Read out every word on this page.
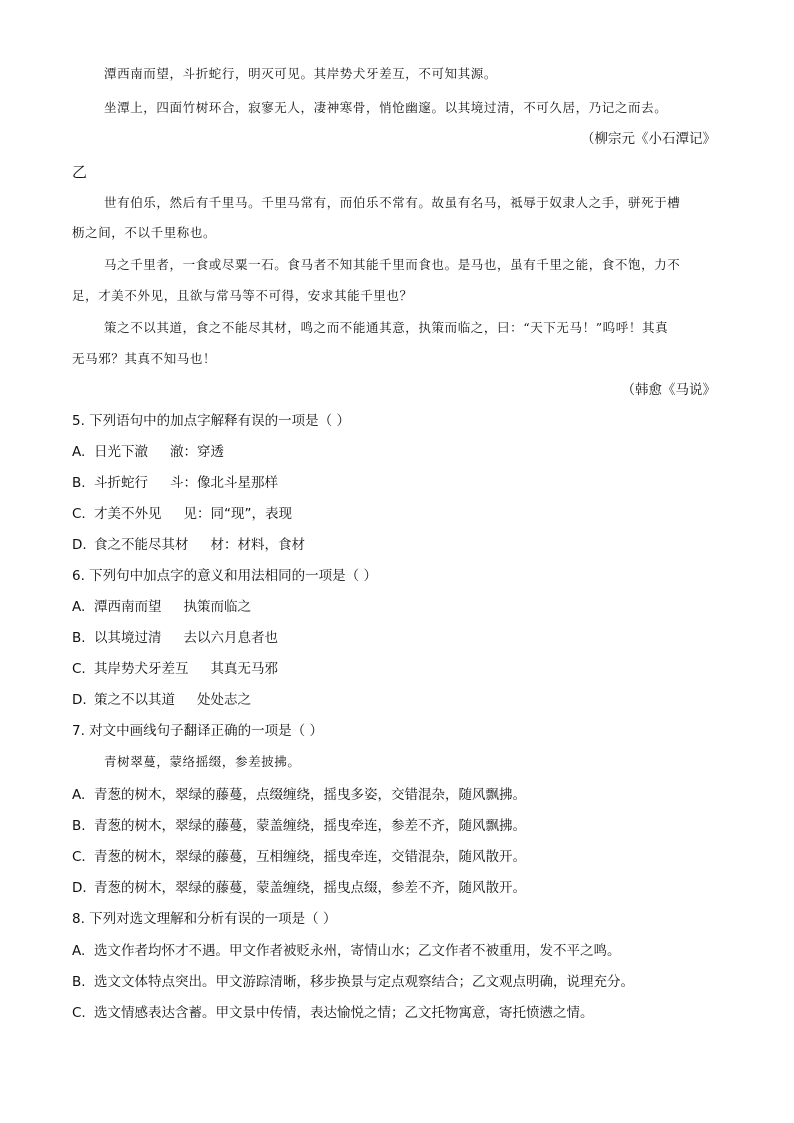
潭西南而望，斗折蛇行，明灭可见。其岸势犬牙差互，不可知其源。
坐潭上，四面竹树环合，寂寥无人，凄神寒骨，悄怆幽邃。以其境过清，不可久居，乃记之而去。
（柳宗元《小石潭记》
乙
世有伯乐，然后有千里马。千里马常有，而伯乐不常有。故虽有名马，祗辱于奴隶人之手，骈死于槽
枥之间，不以千里称也。
马之千里者，一食或尽粟一石。食马者不知其能千里而食也。是马也，虽有千里之能，食不饱，力不
足，才美不外见，且欲与常马等不可得，安求其能千里也？
策之不以其道，食之不能尽其材，鸣之而不能通其意，执策而临之，曰：“天下无马！”呜呼！其真
无马邪？其真不知马也！
（韩愈《马说》
5. 下列语句中的加点字解释有误的一项是（ ）
A. 日光下澈 澈：穿透
B. 斗折蛇行 斗：像北斗星那样
C. 才美不外见 见：同“现”，表现
D. 食之不能尽其材 材：材料，食材
6. 下列句中加点字的意义和用法相同的一项是（ ）
A. 潭西南而望 执策而临之
B. 以其境过清 去以六月息者也
C. 其岸势犬牙差互 其真无马邪
D. 策之不以其道 处处志之
7. 对文中画线句子翻译正确的一项是（ ）
青树翠蔓，蒙络摇缀，参差披拂。
A. 青葱的树木，翠绿的藤蔓，点缀缠绕，摇曳多姿，交错混杂，随风飘拂。
B. 青葱的树木，翠绿的藤蔓，蒙盖缠绕，摇曳牵连，参差不齐，随风飘拂。
C. 青葱的树木，翠绿的藤蔓，互相缠绕，摇曳牵连，交错混杂，随风散开。
D. 青葱的树木，翠绿的藤蔓，蒙盖缠绕，摇曳点缀，参差不齐，随风散开。
8. 下列对选文理解和分析有误的一项是（ ）
A. 选文作者均怀才不遇。甲文作者被贬永州，寄情山水；乙文作者不被重用，发不平之鸣。
B. 选文文体特点突出。甲文游踪清晰，移步换景与定点观察结合；乙文观点明确，说理充分。
C. 选文情感表达含蓄。甲文景中传情，表达愉悦之情；乙文托物寓意，寄托愤懑之情。
